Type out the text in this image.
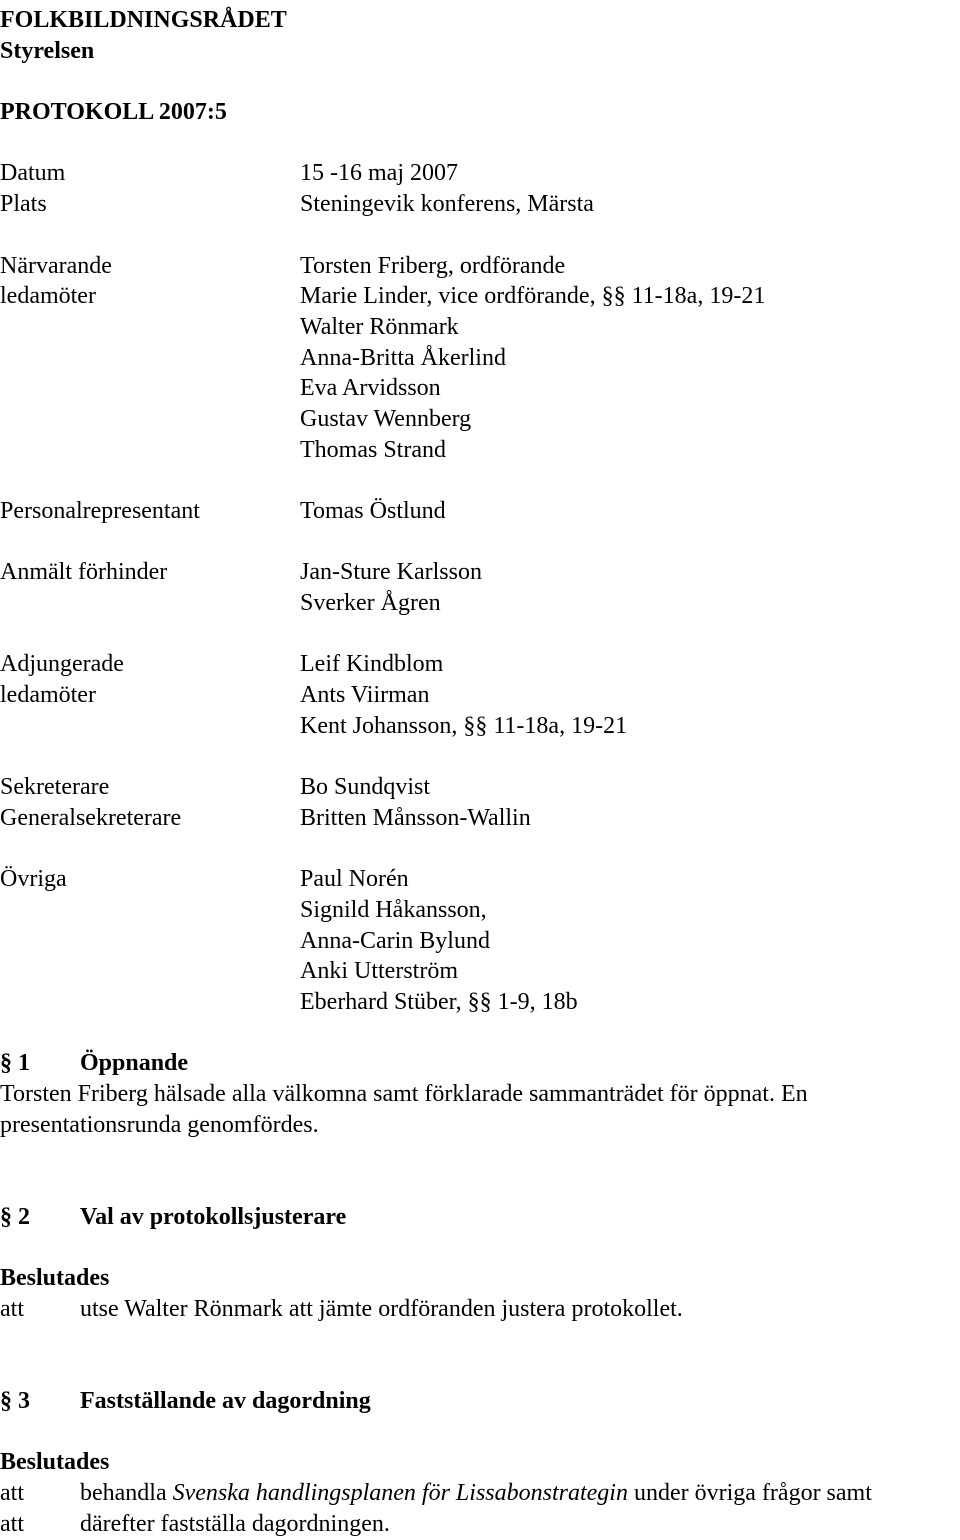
FOLKBILDNINGSRÅDET
Styrelsen
PROTOKOLL 2007:5
Datum	15 -16 maj 2007
Plats	Steningevik konferens, Märsta
Närvarande	Torsten Friberg, ordförande
ledamöter	Marie Linder, vice ordförande, §§ 11-18a, 19-21
Walter Rönmark
Anna-Britta Åkerlind
Eva Arvidsson
Gustav Wennberg
Thomas Strand
Personalrepresentant	Tomas Östlund
Anmält förhinder	Jan-Sture Karlsson
Sverker Ågren
Adjungerade	Leif Kindblom
ledamöter	Ants Viirman
Kent Johansson, §§ 11-18a, 19-21
Sekreterare	Bo Sundqvist
Generalsekreterare	Britten Månsson-Wallin
Övriga	Paul Norén
Signild Håkansson,
Anna-Carin Bylund
Anki Utterström
Eberhard Stüber, §§ 1-9, 18b
§ 1 Öppnande
Torsten Friberg hälsade alla välkomna samt förklarade sammanträdet för öppnat. En presentationsrunda genomfördes.
§ 2 Val av protokollsjusterare
Beslutades
att utse Walter Rönmark att jämte ordföranden justera protokollet.
§ 3 Fastställande av dagordning
Beslutades
att behandla Svenska handlingsplanen för Lissabonstrategin under övriga frågor samt
att därefter fastställa dagordningen.
